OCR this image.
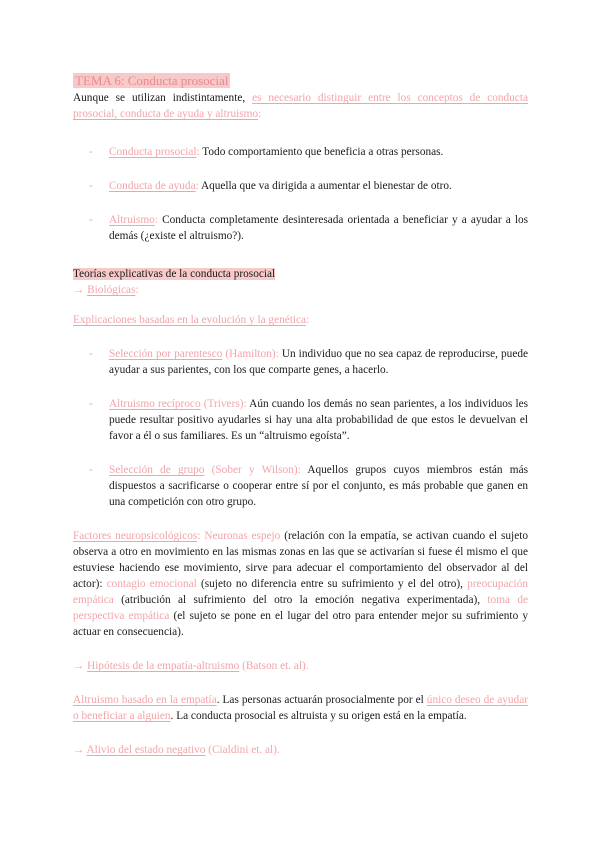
TEMA 6: Conducta prosocial

Aunque se utilizan indistintamente, es necesario distinguir entre los conceptos de conducta prosocial, conducta de ayuda y altruismo:

- Conducta prosocial: Todo comportamiento que beneficia a otras personas.
- Conducta de ayuda: Aquella que va dirigida a aumentar el bienestar de otro.
- Altruismo: Conducta completamente desinteresada orientada a beneficiar y a ayudar a los demás (¿existe el altruismo?).
Teorías explicativas de la conducta prosocial
→ Biológicas:
Explicaciones basadas en la evolución y la genética:
- Selección por parentesco (Hamilton): Un individuo que no sea capaz de reproducirse, puede ayudar a sus parientes, con los que comparte genes, a hacerlo.
- Altruismo recíproco (Trivers): Aún cuando los demás no sean parientes, a los individuos les puede resultar positivo ayudarles si hay una alta probabilidad de que estos le devuelvan el favor a él o sus familiares. Es un “altruismo egoísta”.
- Selección de grupo (Sober y Wilson): Aquellos grupos cuyos miembros están más dispuestos a sacrificarse o cooperar entre sí por el conjunto, es más probable que ganen en una competición con otro grupo.

Factores neuropsicológicos: Neuronas espejo (relación con la empatía, se activan cuando el sujeto observa a otro en movimiento en las mismas zonas en las que se activarían si fuese él mismo el que estuviese haciendo ese movimiento, sirve para adecuar el comportamiento del observador al del actor): contagio emocional (sujeto no diferencia entre su sufrimiento y el del otro), preocupación empática (atribución al sufrimiento del otro la emoción negativa experimentada), toma de perspectiva empática (el sujeto se pone en el lugar del otro para entender mejor su sufrimiento y actuar en consecuencia).

→ Hipótesis de la empatía-altruismo (Batson et. al).

Altruismo basado en la empatía. Las personas actuarán prosocialmente por el único deseo de ayudar o beneficiar a alguien. La conducta prosocial es altruista y su origen está en la empatía.

→ Alivio del estado negativo (Cialdini et. al).
